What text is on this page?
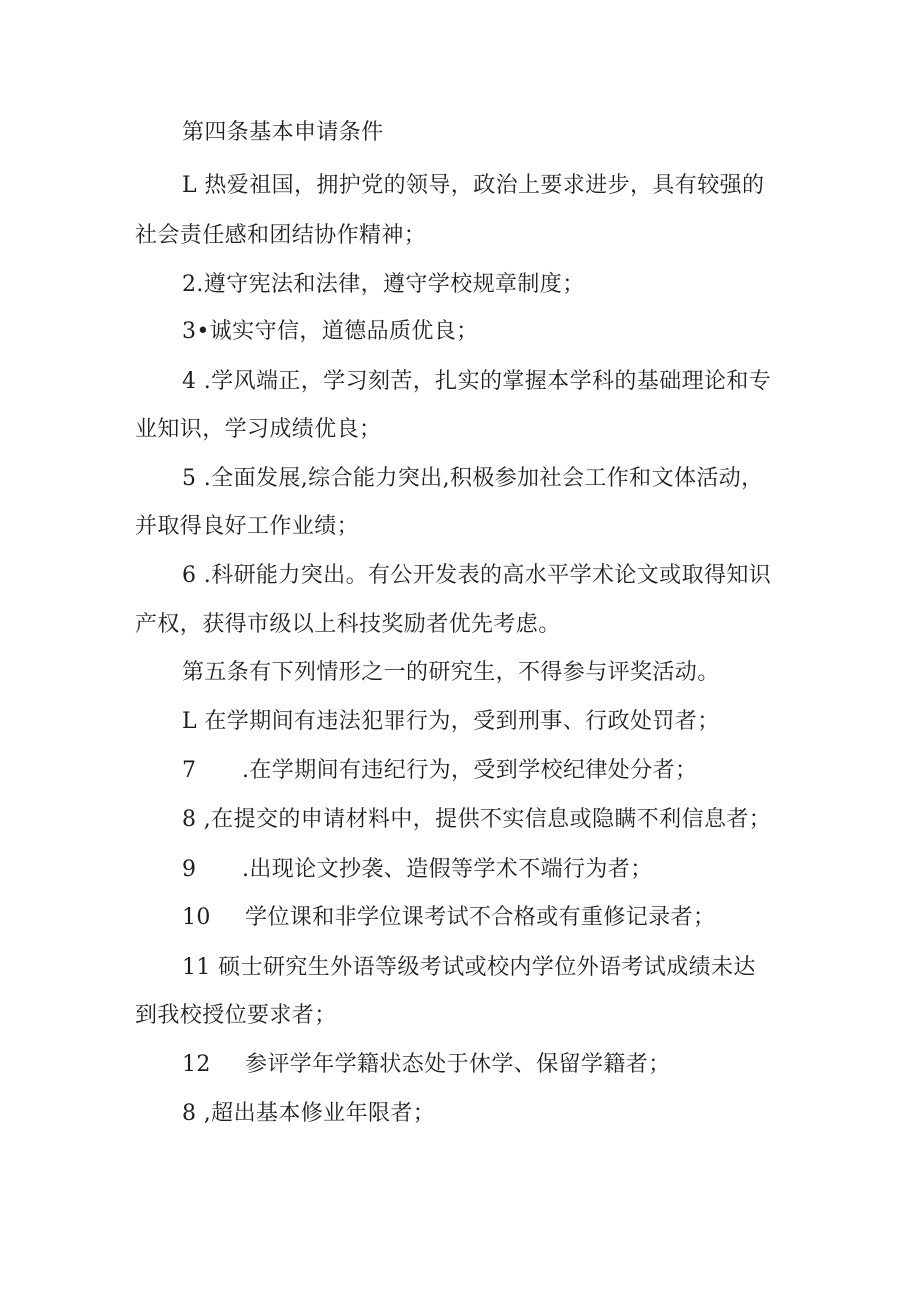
第四条基本申请条件
L 热爱祖国，拥护党的领导，政治上要求进步，具有较强的
社会责任感和团结协作精神；
2.遵守宪法和法律，遵守学校规章制度；
3•诚实守信，道德品质优良；
4 .学风端正，学习刻苦，扎实的掌握本学科的基础理论和专
业知识，学习成绩优良；
5 .全面发展,综合能力突出,积极参加社会工作和文体活动，
并取得良好工作业绩；
6 .科研能力突出。有公开发表的高水平学术论文或取得知识
产权，获得市级以上科技奖励者优先考虑。
第五条有下列情形之一的研究生，不得参与评奖活动。
L 在学期间有违法犯罪行为，受到刑事、行政处罚者；
7 .在学期间有违纪行为，受到学校纪律处分者；
8 ,在提交的申请材料中，提供不实信息或隐瞒不利信息者；
9 .出现论文抄袭、造假等学术不端行为者；
10 学位课和非学位课考试不合格或有重修记录者；
11 硕士研究生外语等级考试或校内学位外语考试成绩未达
到我校授位要求者；
12 参评学年学籍状态处于休学、保留学籍者；
8 ,超出基本修业年限者；
